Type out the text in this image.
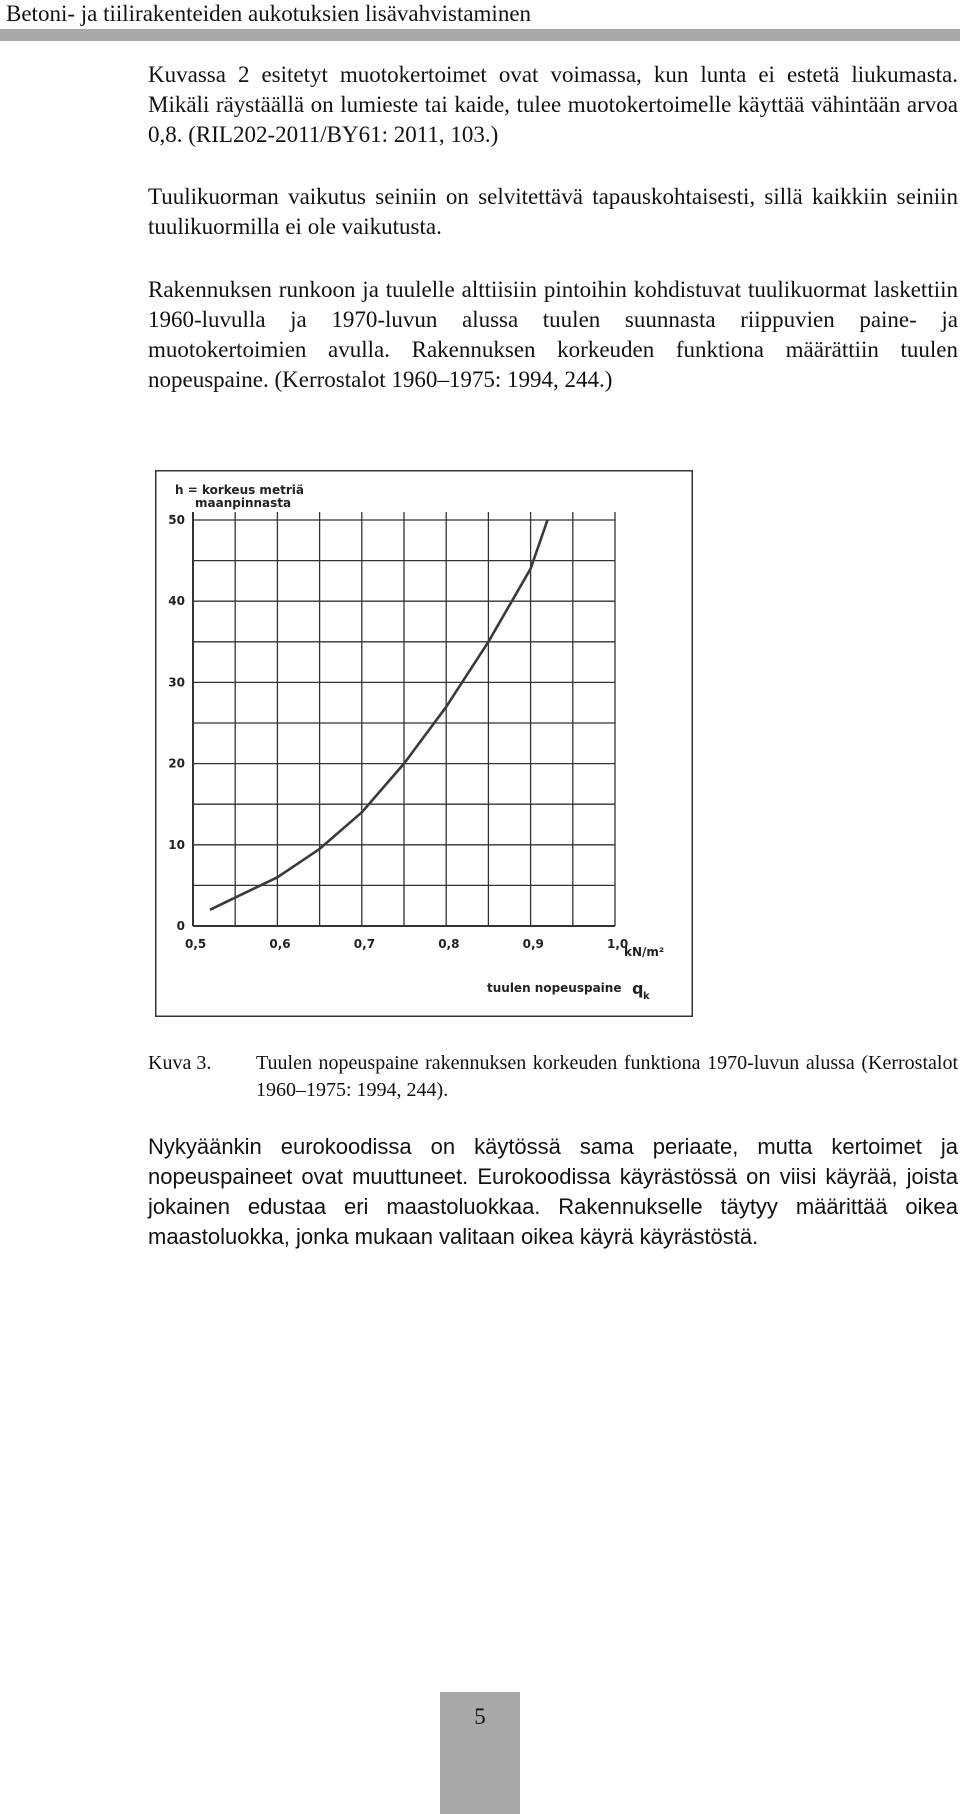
Betoni- ja tiilirakenteiden aukotuksien lisävahvistaminen

Kuvassa 2 esitetyt muotokertoimet ovat voimassa, kun lunta ei estetä liukumasta. Mikäli räystäällä on lumieste tai kaide, tulee muotokertoimelle käyttää vähintään arvoa 0,8. (RIL202-2011/BY61: 2011, 103.)

Tuulikuorman vaikutus seiniin on selvitettävä tapauskohtaisesti, sillä kaikkiin seiniin tuulikuormilla ei ole vaikutusta.

Rakennuksen runkoon ja tuulelle alttiisiin pintoihin kohdistuvat tuulikuormat laskettiin 1960-luvulla ja 1970-luvun alussa tuulen suunnasta riippuvien paine- ja muotokertoimien avulla. Rakennuksen korkeuden funktiona määrättiin tuulen nopeuspaine. (Kerrostalot 1960–1975: 1994, 244.)

h = korkeus metriä
maanpinnasta
0,5	0,6	0,7	0,8	0,9	1,0
0
10
20
30
40
50
kN/m²
tuulen nopeuspaine q k
Kuva 3. Tuulen nopeuspaine rakennuksen korkeuden funktiona 1970-luvun alussa (Kerrostalot 1960–1975: 1994, 244).

Nykyäänkin eurokoodissa on käytössä sama periaate, mutta kertoimet ja nopeuspaineet ovat muuttuneet. Eurokoodissa käyrästössä on viisi käyrää, joista jokainen edustaa eri maastoluokkaa. Rakennukselle täytyy määrittää oikea maastoluokka, jonka mukaan valitaan oikea käyrä käyrästöstä.

5
